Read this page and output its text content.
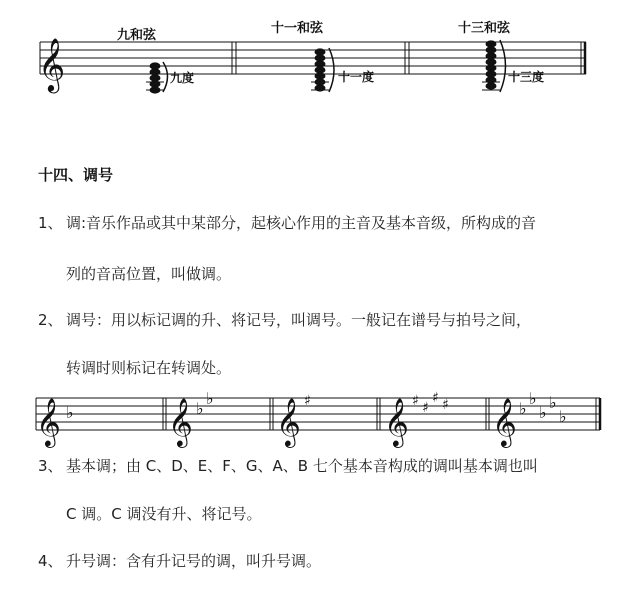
九和弦	十一和弦	十三和弦
𝄞	九度	十一度	十三度
十四、调号
1、 调:音乐作品或其中某部分，起核心作用的主音及基本音级，所构成的音
列的音高位置，叫做调。
2、 调号：用以标记调的升、将记号，叫调号。一般记在谱号与拍号之间，
转调时则标记在转调处。
𝄞 ♭ 𝄞 ♭
♭ 𝄞 ♯ 𝄞 ♯ ♯
♯ ♯ 𝄞 ♭
♭
♭
♭
♭
3、 基本调；由 C、D、E、F、G、A、B 七个基本音构成的调叫基本调也叫
C 调。C 调没有升、将记号。
4、 升号调：含有升记号的调，叫升号调。
